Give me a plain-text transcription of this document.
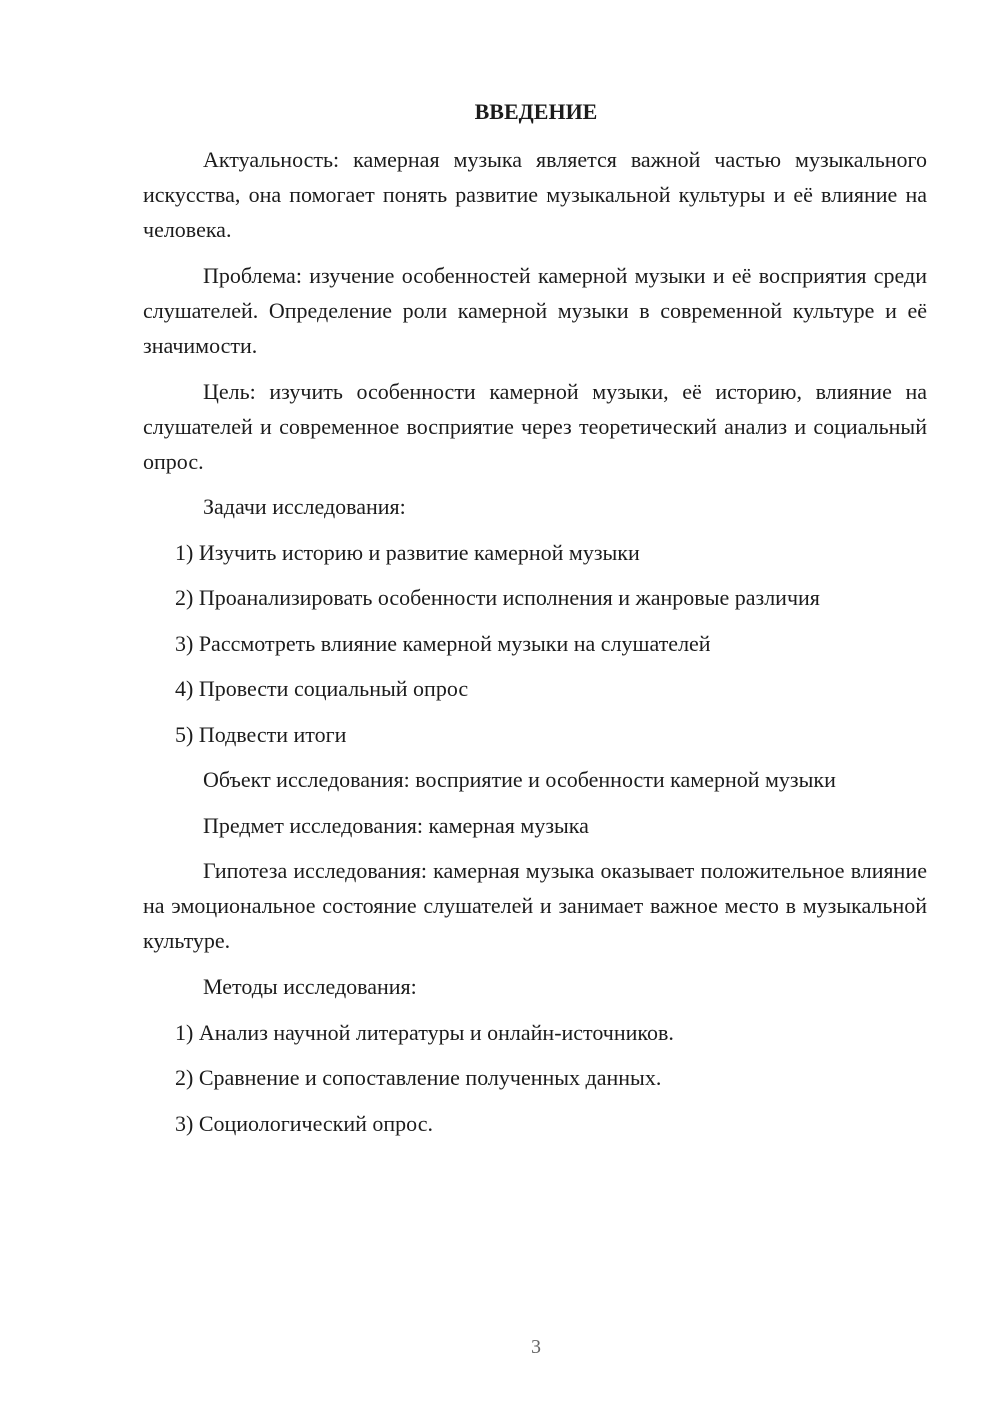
ВВЕДЕНИЕ

Актуальность: камерная музыка является важной частью музыкального искусства, она помогает понять развитие музыкальной культуры и её влияние на человека.

Проблема: изучение особенностей камерной музыки и её восприятия среди слушателей. Определение роли камерной музыки в современной культуре и её значимости.

Цель: изучить особенности камерной музыки, её историю, влияние на слушателей и современное восприятие через теоретический анализ и социальный опрос.

Задачи исследования:

1) Изучить историю и развитие камерной музыки

2) Проанализировать особенности исполнения и жанровые различия

3) Рассмотреть влияние камерной музыки на слушателей

4) Провести социальный опрос

5) Подвести итоги

Объект исследования: восприятие и особенности камерной музыки

Предмет исследования: камерная музыка

Гипотеза исследования: камерная музыка оказывает положительное влияние на эмоциональное состояние слушателей и занимает важное место в музыкальной культуре.

Методы исследования:

1) Анализ научной литературы и онлайн-источников.

2) Сравнение и сопоставление полученных данных.

3) Социологический опрос.

3
